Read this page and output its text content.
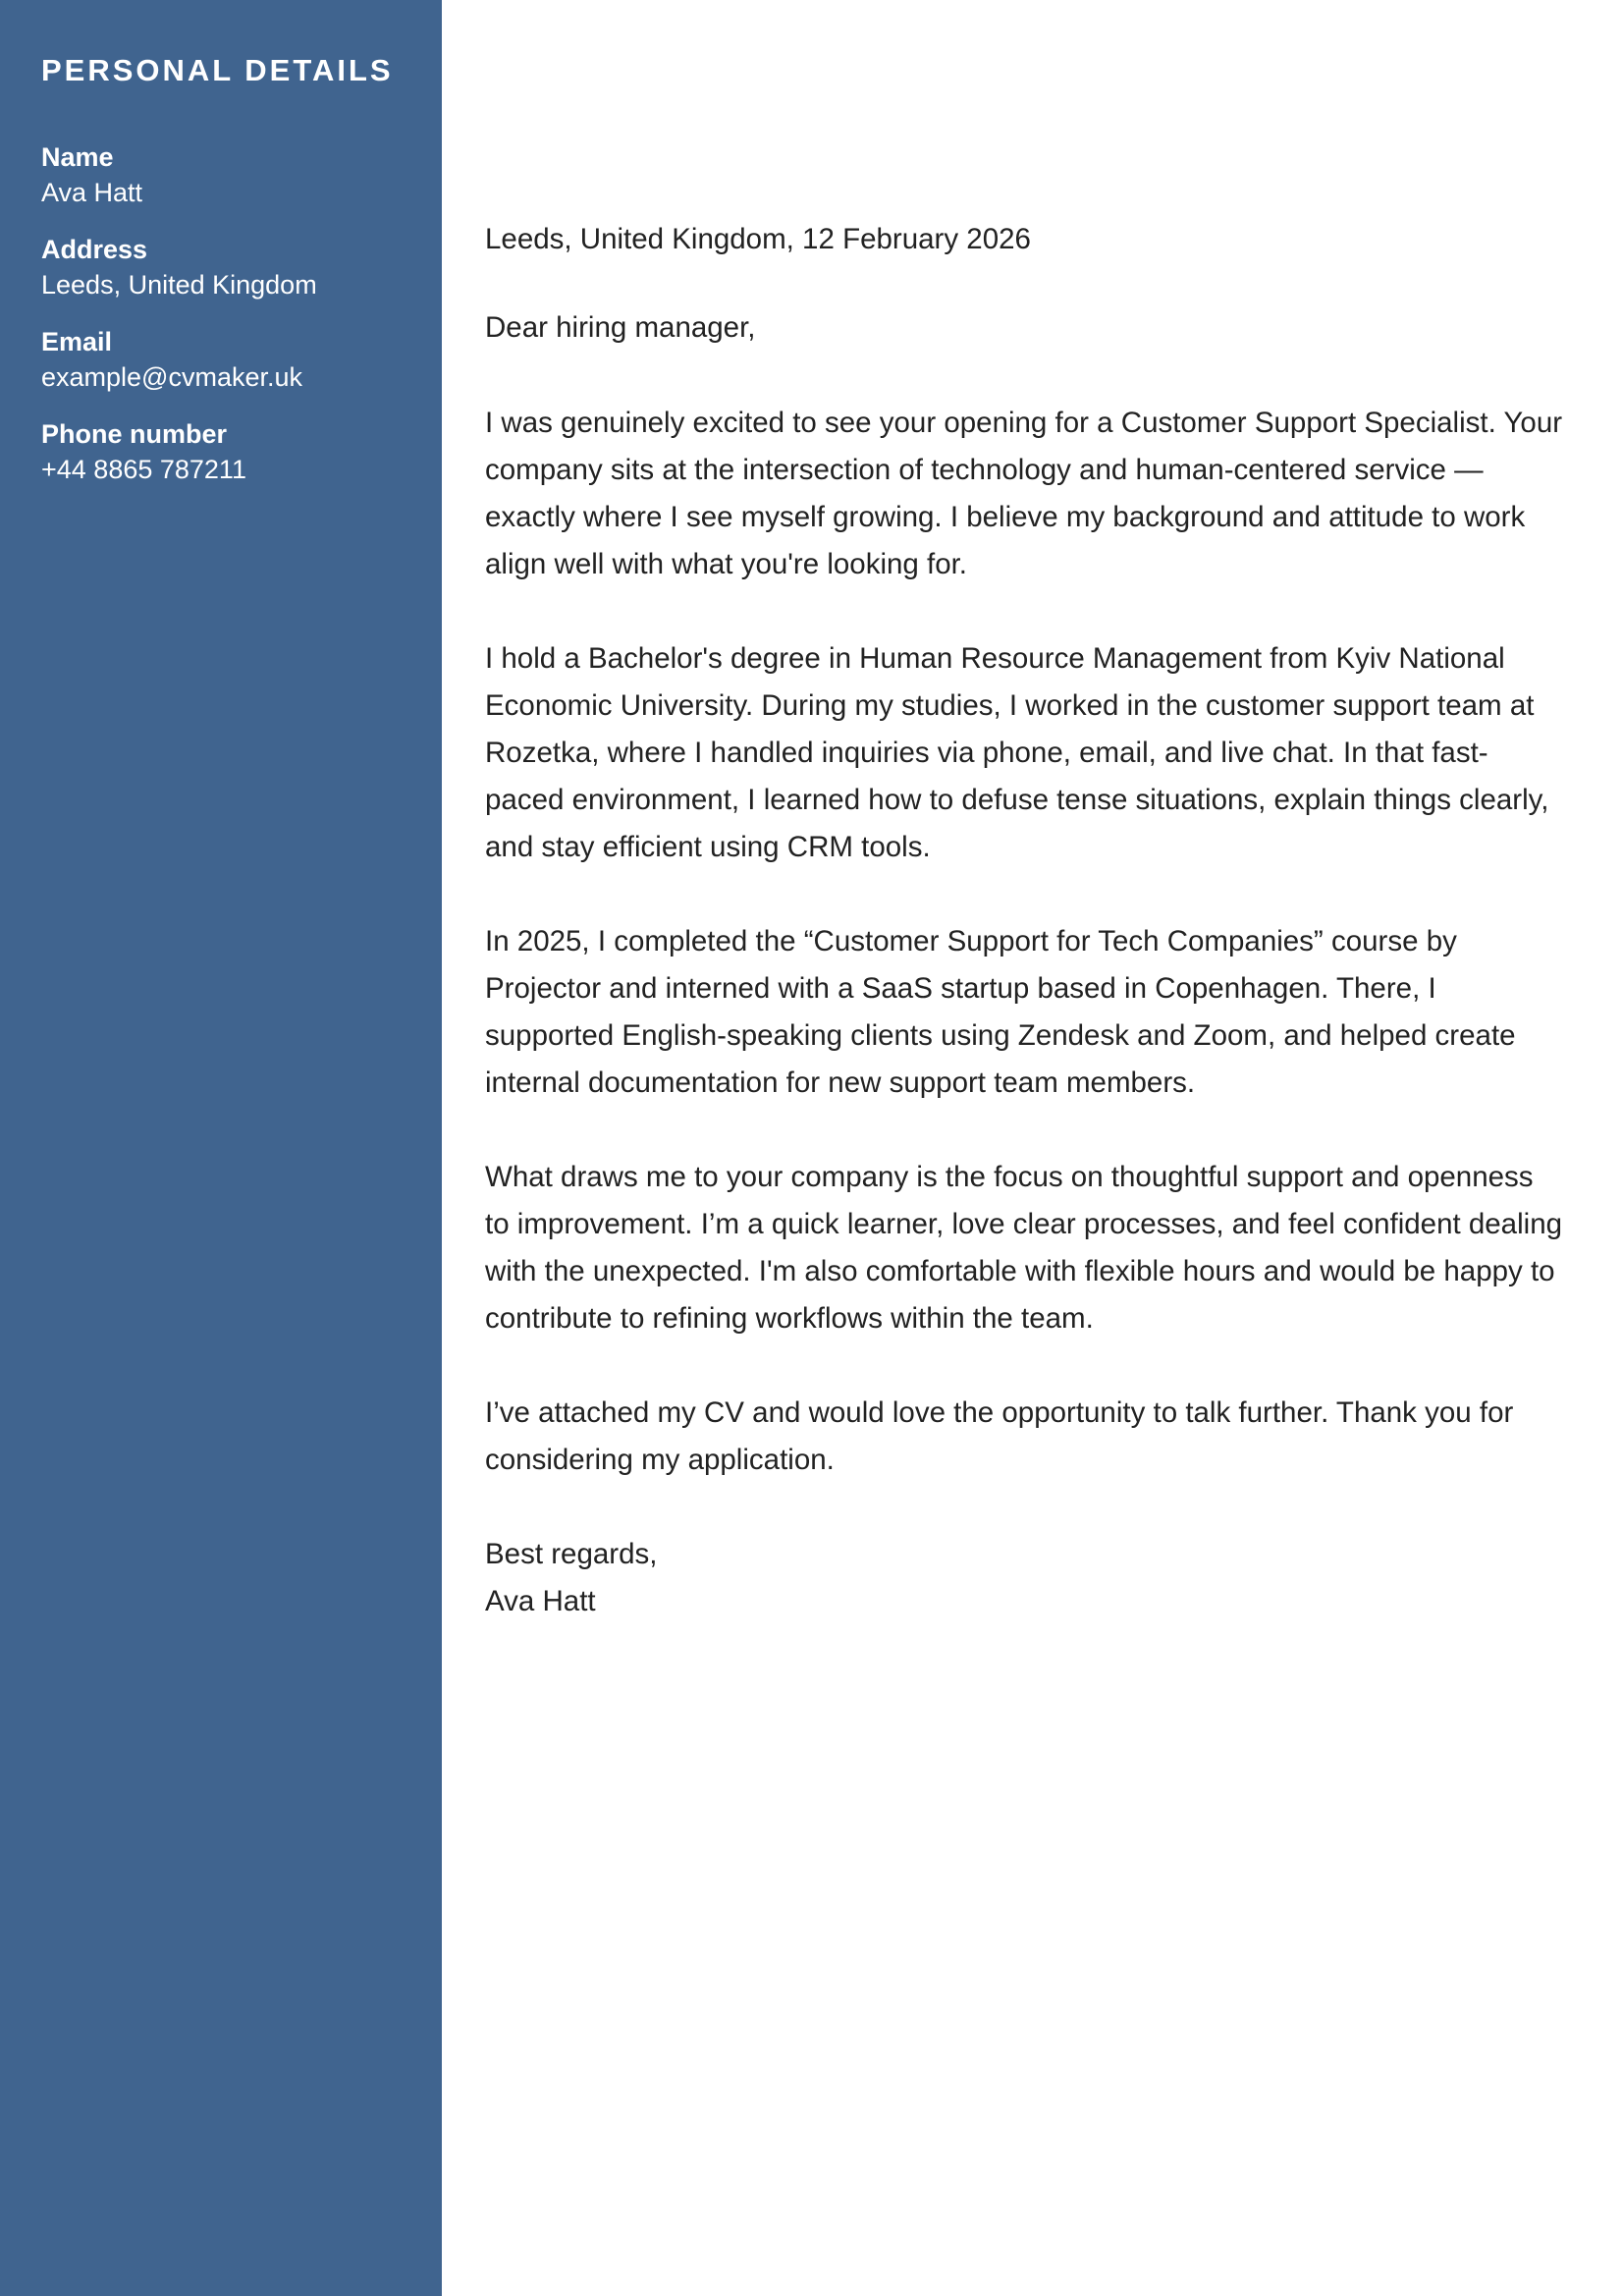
PERSONAL DETAILS
Name
Ava Hatt
Address
Leeds, United Kingdom
Email
example@cvmaker.uk
Phone number
+44 8865 787211

Leeds, United Kingdom, 12 February 2026

Dear hiring manager,

I was genuinely excited to see your opening for a Customer Support Specialist. Your company sits at the intersection of technology and human-centered service — exactly where I see myself growing. I believe my background and attitude to work align well with what you're looking for.

I hold a Bachelor's degree in Human Resource Management from Kyiv National Economic University. During my studies, I worked in the customer support team at Rozetka, where I handled inquiries via phone, email, and live chat. In that fast-paced environment, I learned how to defuse tense situations, explain things clearly, and stay efficient using CRM tools.

In 2025, I completed the “Customer Support for Tech Companies” course by Projector and interned with a SaaS startup based in Copenhagen. There, I supported English-speaking clients using Zendesk and Zoom, and helped create internal documentation for new support team members.

What draws me to your company is the focus on thoughtful support and openness to improvement. I’m a quick learner, love clear processes, and feel confident dealing with the unexpected. I'm also comfortable with flexible hours and would be happy to contribute to refining workflows within the team.

I’ve attached my CV and would love the opportunity to talk further. Thank you for considering my application.

Best regards,

Ava Hatt
